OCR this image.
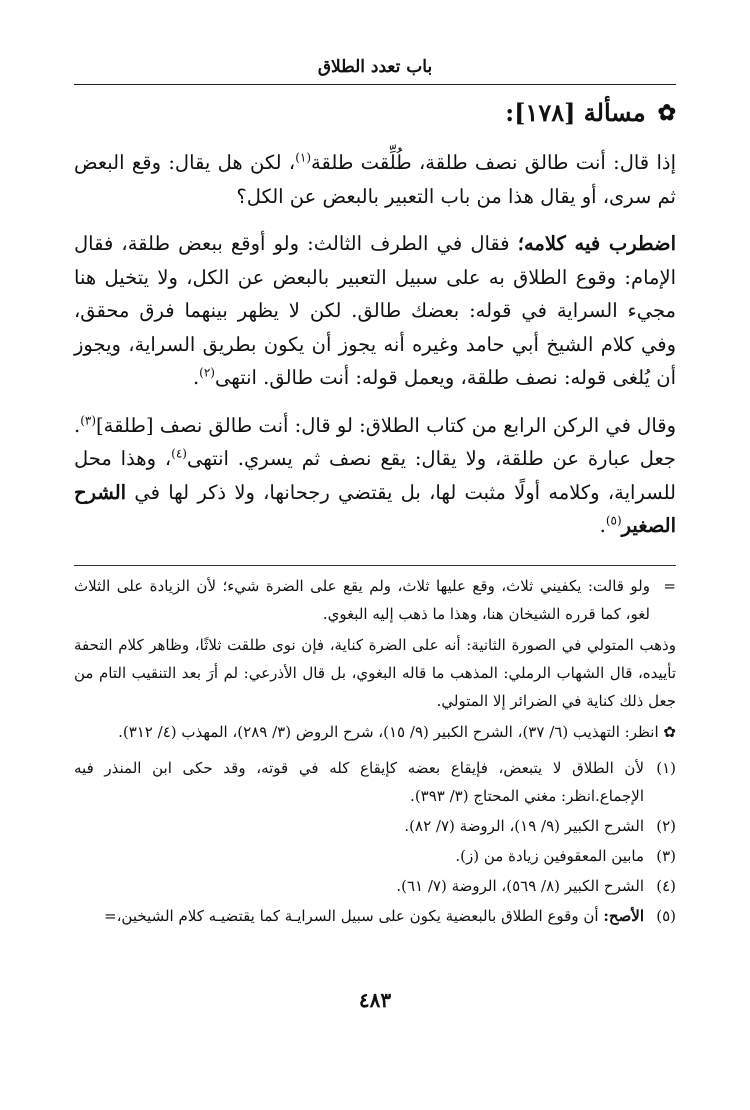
باب تعدد الطلاق
✿
مسألة [١٧٨]:

إذا قال: أنت طالق نصف طلقة، طُلِّقت طلقة$^{(١)}$، لكن هل يقال: وقع البعض ثم سرى، أو يقال هذا من باب التعبير بالبعض عن الكل؟

اضطرب فيه كلامه؛ فقال في الطرف الثالث: ولو أوقع ببعض طلقة، فقال الإمام: وقوع الطلاق به على سبيل التعبير بالبعض عن الكل، ولا يتخيل هنا مجيء السراية في قوله: بعضك طالق. لكن لا يظهر بينهما فرق محقق، وفي كلام الشيخ أبي حامد وغيره أنه يجوز أن يكون بطريق السراية، ويجوز أن يُلغى قوله: نصف طلقة، ويعمل قوله: أنت طالق. انتهى$^{(٢)}$.

وقال في الركن الرابع من كتاب الطلاق: لو قال: أنت طالق نصف [طلقة]$^{(٣)}$. جعل عبارة عن طلقة، ولا يقال: يقع نصف ثم يسري. انتهى$^{(٤)}$، وهذا محل للسراية، وكلامه أولًا مثبت لها، بل يقتضي رجحانها، ولا ذكر لها في الشرح الصغير$^{(٥)}$.

=
ولو قالت: يكفيني ثلاث، وقع عليها ثلاث، ولم يقع على الضرة شيء؛ لأن الزيادة على الثلاث لغو، كما قرره الشيخان هنا، وهذا ما ذهب إليه البغوي.

وذهب المتولي في الصورة الثانية: أنه على الضرة كناية، فإن نوى طلقت ثلاثًا، وظاهر كلام التحفة تأييده، قال الشهاب الرملي: المذهب ما قاله البغوي، بل قال الأذرعي: لم أرَ بعد التنقيب التام من جعل ذلك كناية في الضرائر إلا المتولي.

✿ انظر: التهذيب (٦/ ٣٧)، الشرح الكبير (٩/ ١٥)، شرح الروض (٣/ ٢٨٩)، المهذب (٤/ ٣١٢).

(١)
لأن الطلاق لا يتبعض، فإيقاع بعضه كإيقاع كله في قوته، وقد حكى ابن المنذر فيه الإجماع.انظر: مغني المحتاج (٣/ ٣٩٣).
(٢)
الشرح الكبير (٩/ ١٩)، الروضة (٧/ ٨٢).
(٣)
مابين المعقوفين زيادة من (ز).
(٤)
الشرح الكبير (٨/ ٥٦٩)، الروضة (٧/ ٦١).
(٥)
الأصح: أن وقوع الطلاق بالبعضية يكون على سبيل السرايـة كما يقتضيـه كلام الشيخين،=
٤٨٣
